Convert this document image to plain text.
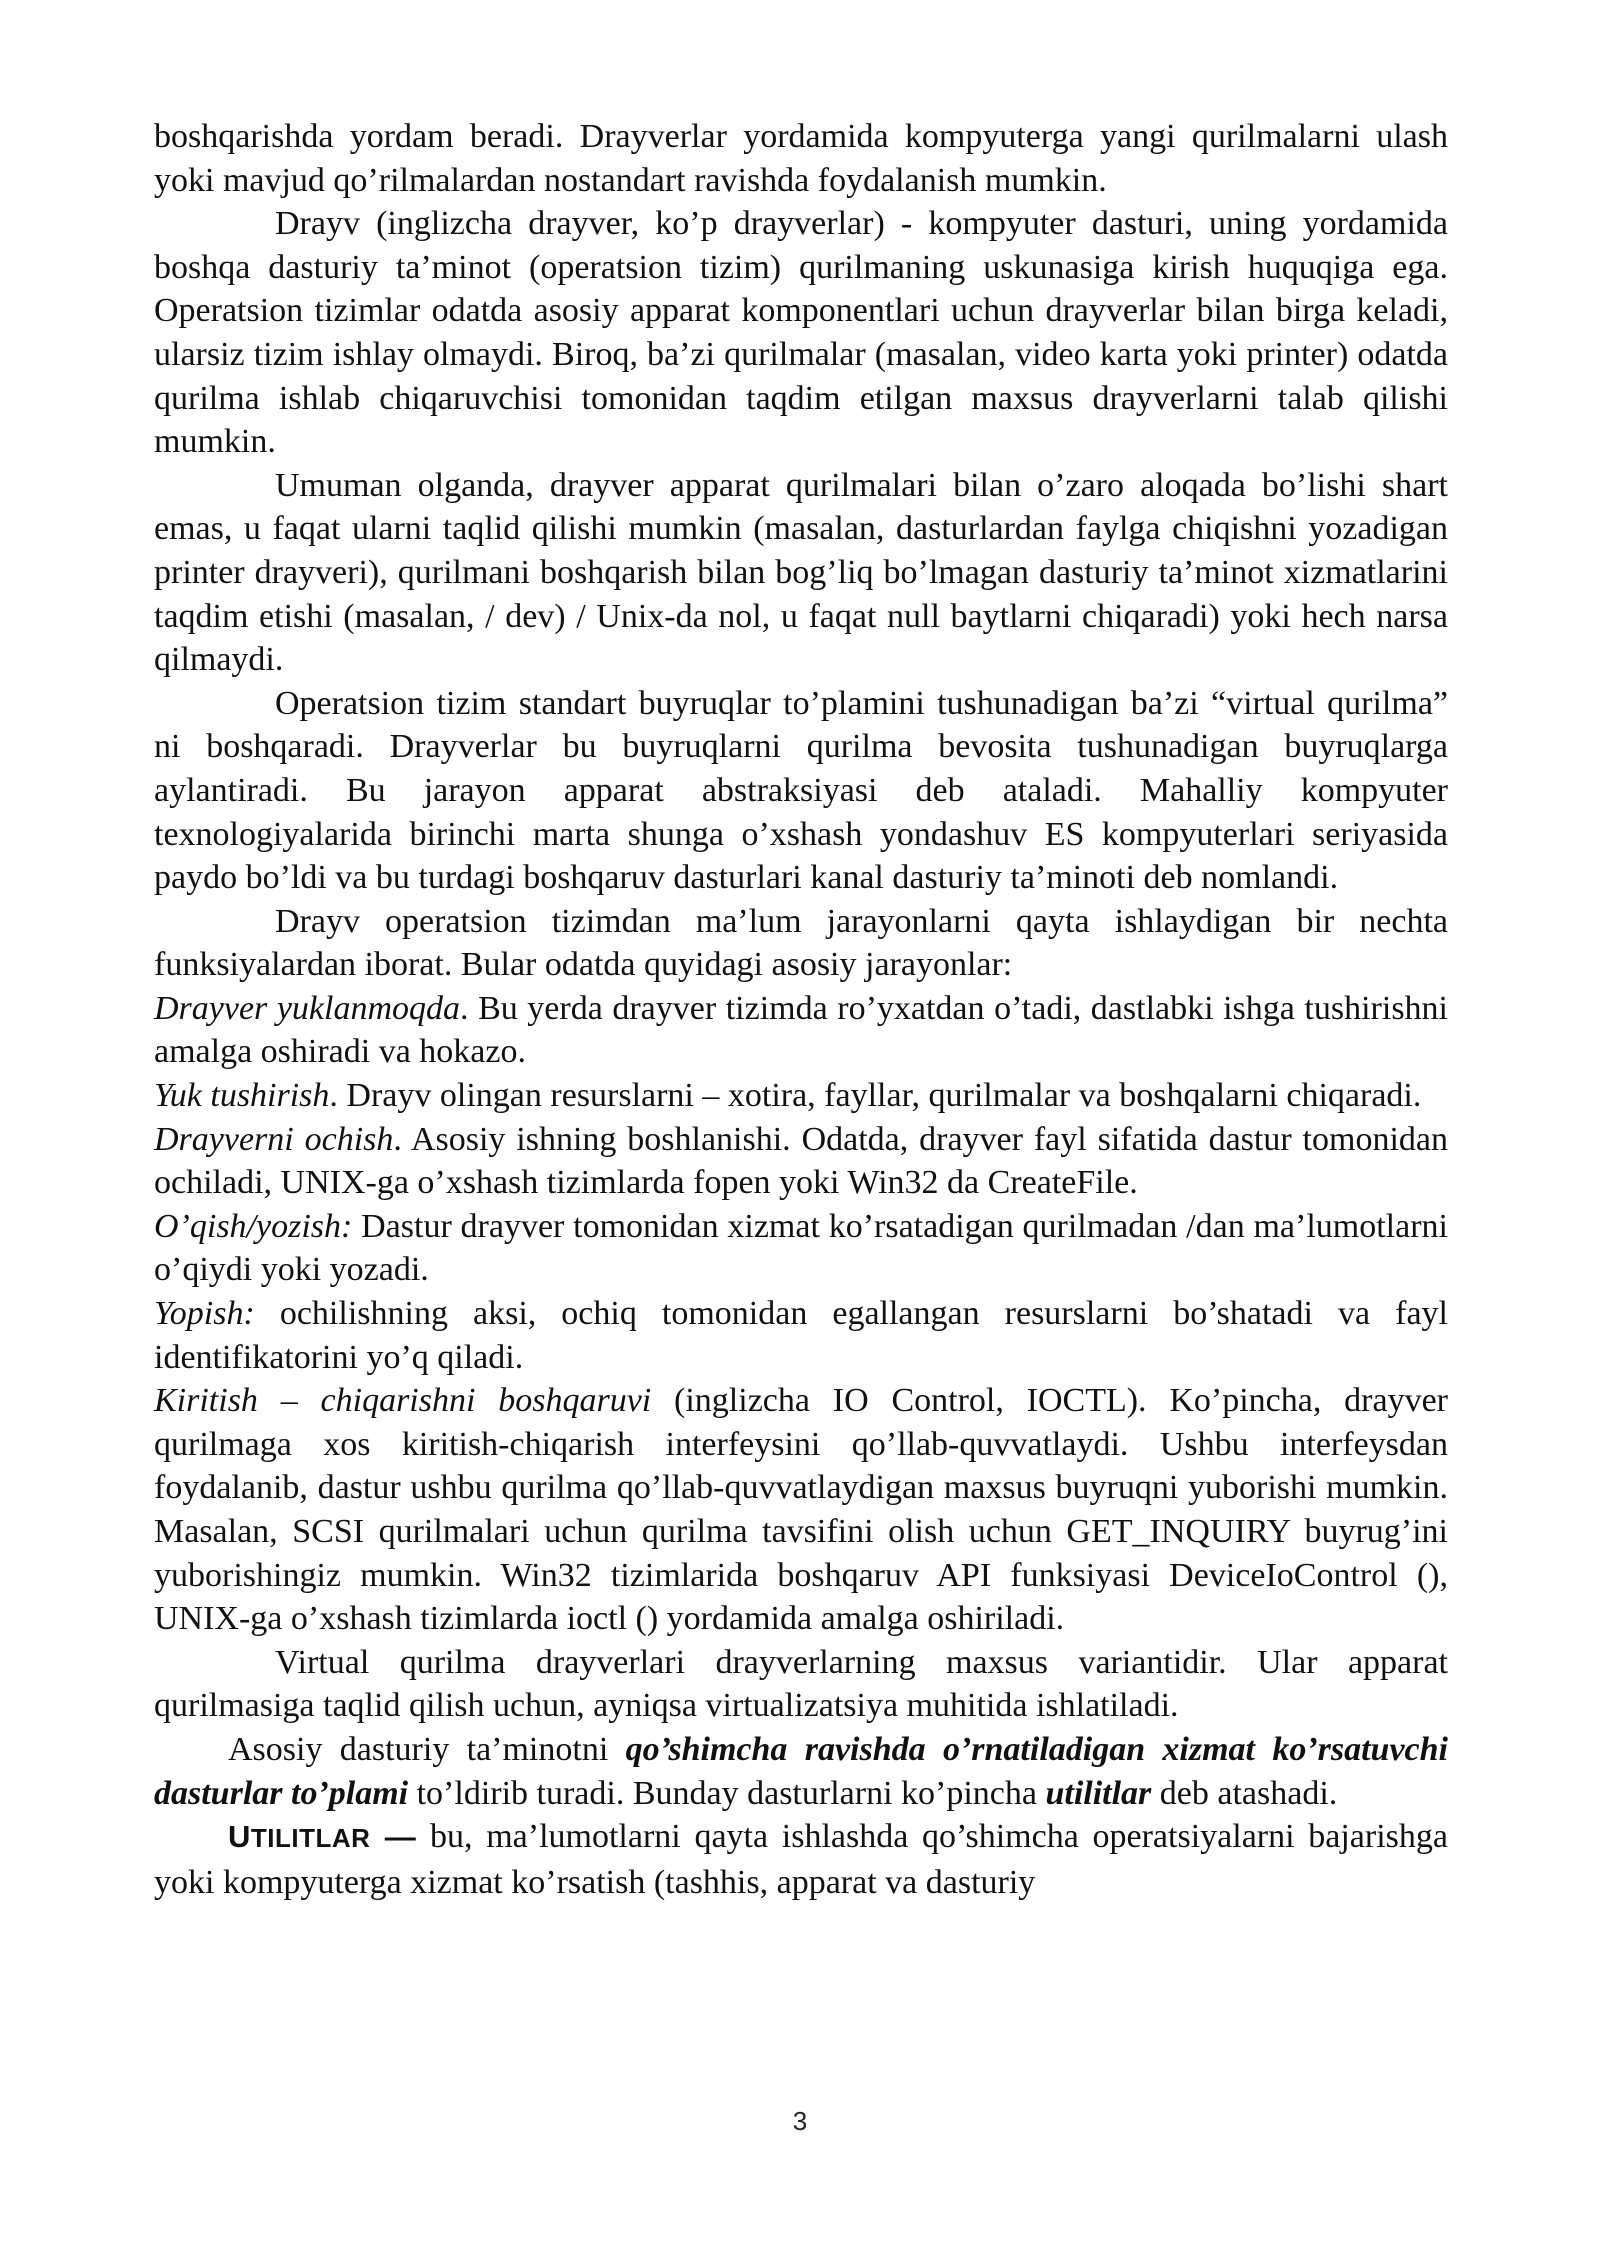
boshqarishda yordam beradi. Drayverlar yordamida kompyuterga yangi qurilmalarni ulash yoki mavjud qo’rilmalardan nostandart ravishda foydalanish mumkin.

Drayv (inglizcha drayver, ko’p drayverlar) - kompyuter dasturi, uning yordamida boshqa dasturiy ta’minot (operatsion tizim) qurilmaning uskunasiga kirish huquqiga ega. Operatsion tizimlar odatda asosiy apparat komponentlari uchun drayverlar bilan birga keladi, ularsiz tizim ishlay olmaydi. Biroq, ba’zi qurilmalar (masalan, video karta yoki printer) odatda qurilma ishlab chiqaruvchisi tomonidan taqdim etilgan maxsus drayverlarni talab qilishi mumkin.

Umuman olganda, drayver apparat qurilmalari bilan o’zaro aloqada bo’lishi shart emas, u faqat ularni taqlid qilishi mumkin (masalan, dasturlardan faylga chiqishni yozadigan printer drayveri), qurilmani boshqarish bilan bog’liq bo’lmagan dasturiy ta’minot xizmatlarini taqdim etishi (masalan, / dev) / Unix-da nol, u faqat null baytlarni chiqaradi) yoki hech narsa qilmaydi.

Operatsion tizim standart buyruqlar to’plamini tushunadigan ba’zi “virtual qurilma” ni boshqaradi. Drayverlar bu buyruqlarni qurilma bevosita tushunadigan buyruqlarga aylantiradi. Bu jarayon apparat abstraksiyasi deb ataladi. Mahalliy kompyuter texnologiyalarida birinchi marta shunga o’xshash yondashuv ES kompyuterlari seriyasida paydo bo’ldi va bu turdagi boshqaruv dasturlari kanal dasturiy ta’minoti deb nomlandi.

Drayv operatsion tizimdan ma’lum jarayonlarni qayta ishlaydigan bir nechta funksiyalardan iborat. Bular odatda quyidagi asosiy jarayonlar:

Drayver yuklanmoqda. Bu yerda drayver tizimda ro’yxatdan o’tadi, dastlabki ishga tushirishni amalga oshiradi va hokazo.

Yuk tushirish. Drayv olingan resurslarni – xotira, fayllar, qurilmalar va boshqalarni chiqaradi.

Drayverni ochish. Asosiy ishning boshlanishi. Odatda, drayver fayl sifatida dastur tomonidan ochiladi, UNIX-ga o’xshash tizimlarda fopen yoki Win32 da CreateFile.

O’qish/yozish: Dastur drayver tomonidan xizmat ko’rsatadigan qurilmadan /dan ma’lumotlarni o’qiydi yoki yozadi.

Yopish: ochilishning aksi, ochiq tomonidan egallangan resurslarni bo’shatadi va fayl identifikatorini yo’q qiladi.

Kiritish – chiqarishni boshqaruvi (inglizcha IO Control, IOCTL). Ko’pincha, drayver qurilmaga xos kiritish-chiqarish interfeysini qo’llab-quvvatlaydi. Ushbu interfeysdan foydalanib, dastur ushbu qurilma qo’llab-quvvatlaydigan maxsus buyruqni yuborishi mumkin. Masalan, SCSI qurilmalari uchun qurilma tavsifini olish uchun GET_INQUIRY buyrug’ini yuborishingiz mumkin. Win32 tizimlarida boshqaruv API funksiyasi DeviceIoControl (), UNIX-ga o’xshash tizimlarda ioctl () yordamida amalga oshiriladi.

Virtual qurilma drayverlari drayverlarning maxsus variantidir. Ular apparat qurilmasiga taqlid qilish uchun, ayniqsa virtualizatsiya muhitida ishlatiladi.

Asosiy dasturiy ta’minotni qo’shimcha ravishda o’rnatiladigan xizmat ko’rsatuvchi dasturlar to’plami to’ldirib turadi. Bunday dasturlarni ko’pincha utilitlar deb atashadi.

UTILITLAR — bu, ma’lumotlarni qayta ishlashda qo’shimcha operatsiyalarni bajarishga yoki kompyuterga xizmat ko’rsatish (tashhis, apparat va dasturiy

3
